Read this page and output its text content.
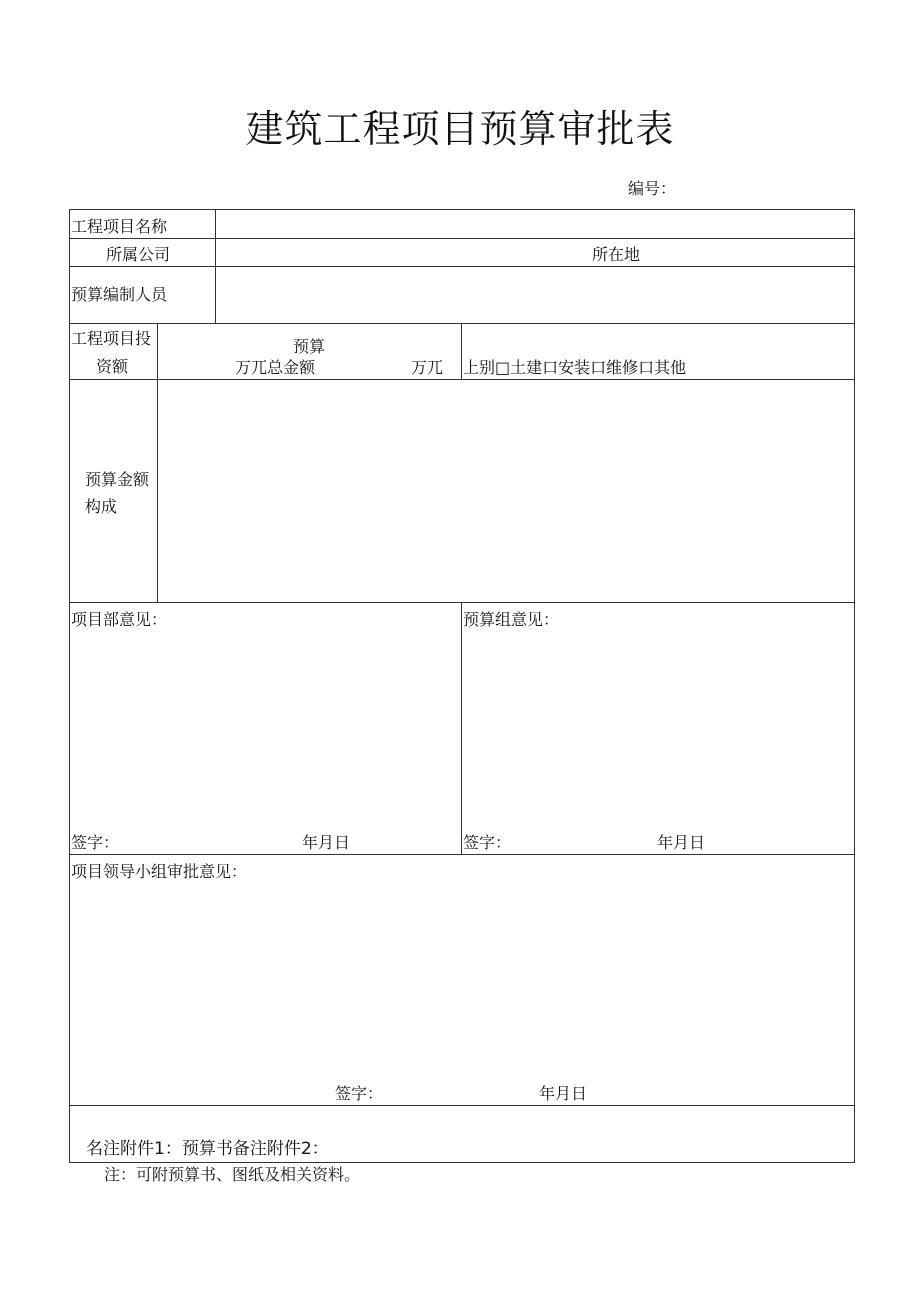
建筑工程项目预算审批表
编号：
工程项目名称
所属公司	所在地
预算编制人员
工程项目投
资额
预算
万兀总金额	万兀 上别□土建口安装口维修口其他
预算金额
构成
项目部意见：	预算组意见：
签字：	年月日	签字：	年月日
项目领导小组审批意见：
签字：	年月日
名注附件1：预算书备注附件2：
注：可附预算书、图纸及相关资料。
